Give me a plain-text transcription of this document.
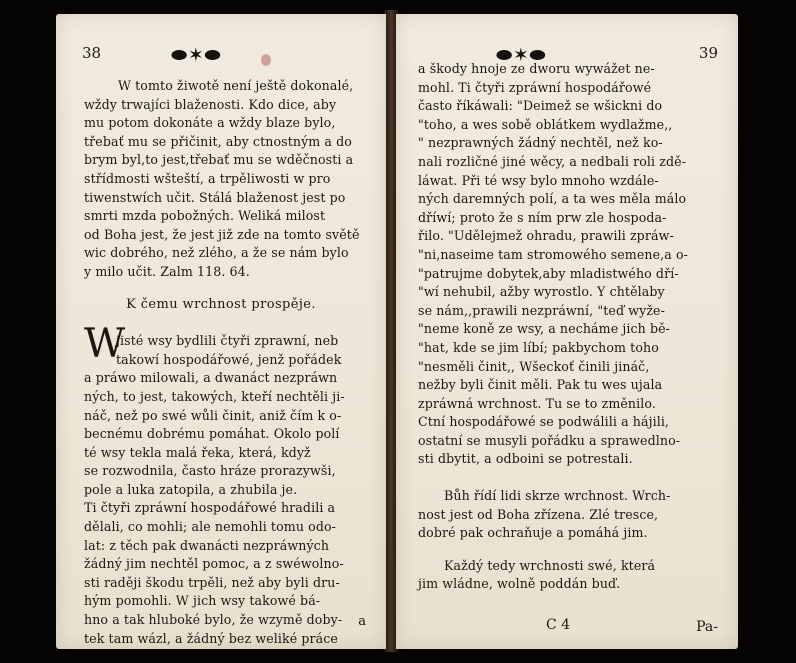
38	⬬✶⬬
W tomto žiwotě není ještě dokonalé,
wždy trwajíci blaženosti. Kdo dice, aby
mu potom dokonáte a wždy blaze bylo,
třebať mu se přičinit, aby ctnostným a do
brym byl,to jest,třebať mu se wděčnosti a
střídmosti wšteští, a trpěliwosti w pro
tiwenstwích učit. Stálá blaženost jest po
smrti mzda pobožných. Weliká milost
od Boha jest, že jest již zde na tomto světě
wic dobrého, než zlého, a že se nám bylo
y milo učit. Zalm 118. 64.
K čemu wrchnost prospěje.
jisté wsy bydlili čtyři zprawní, neb
takowí hospodářowé, jenž pořádek
a práwo milowali, a dwanáct nezpráwn
ných, to jest, takowých, kteří nechtěli ji-
náč, než po swé wůli činit, aniž čím k o-
becnému dobrému pomáhat. Okolo polí
té wsy tekla malá řeka, která, když
se rozwodnila, často hráze prorazywši,
pole a luka zatopila, a zhubila je.
Ti čtyři zpráwní hospodářowé hradili a
dělali, co mohli; ale nemohli tomu odo-
lat: z těch pak dwanácti nezpráwných
žádný jim nechtěl pomoc, a z swéwolno-
sti raději škodu trpěli, než aby byli dru-
hým pomohli. W jich wsy takowé bá-
hno a tak hluboké bylo, že wzymě doby-
tek tam wázl, a žádný bez weliké práce
W
a
39
⬬✶⬬
a škody hnoje ze dworu wywážet ne-
mohl. Ti čtyři zpráwní hospodářowé
často říkáwali: "Deimež se wšickni do
"toho, a wes sobě oblátkem wydlažme,,
" nezprawných žádný nechtěl, než ko-
nali rozličné jiné wěcy, a nedbali roli zdě-
láwat. Při té wsy bylo mnoho wzdále-
ných daremných polí, a ta wes měla málo
dříwí; proto že s ním prw zle hospoda-
řilo. "Udělejmež ohradu, prawili zpráw-
"ni,naseime tam stromowého semene,a o-
"patrujme dobytek,aby mladistwého dří-
"wí nehubil, ažby wyrostlo. Y chtělaby
se nám,,prawili nezpráwní, "teď wyže-
"neme koně ze wsy, a necháme jich bě-
"hat, kde se jim líbí; pakbychom toho
"nesměli činit,, Wšeckoť činili jináč,
nežby byli činit měli. Pak tu wes ujala
zpráwná wrchnost. Tu se to změnilo.
Ctní hospodářowé se podwálili a hájili,
ostatní se musyli pořádku a sprawedlno-
sti dbytit, a odboini se potrestali.
Bůh řídí lidi skrze wrchnost. Wrch-
nost jest od Boha zřízena. Zlé tresce,
dobré pak ochraňuje a pomáhá jim.
Každý tedy wrchnosti swé, která
jim wládne, wolně poddán buď.
C 4	Pa-
